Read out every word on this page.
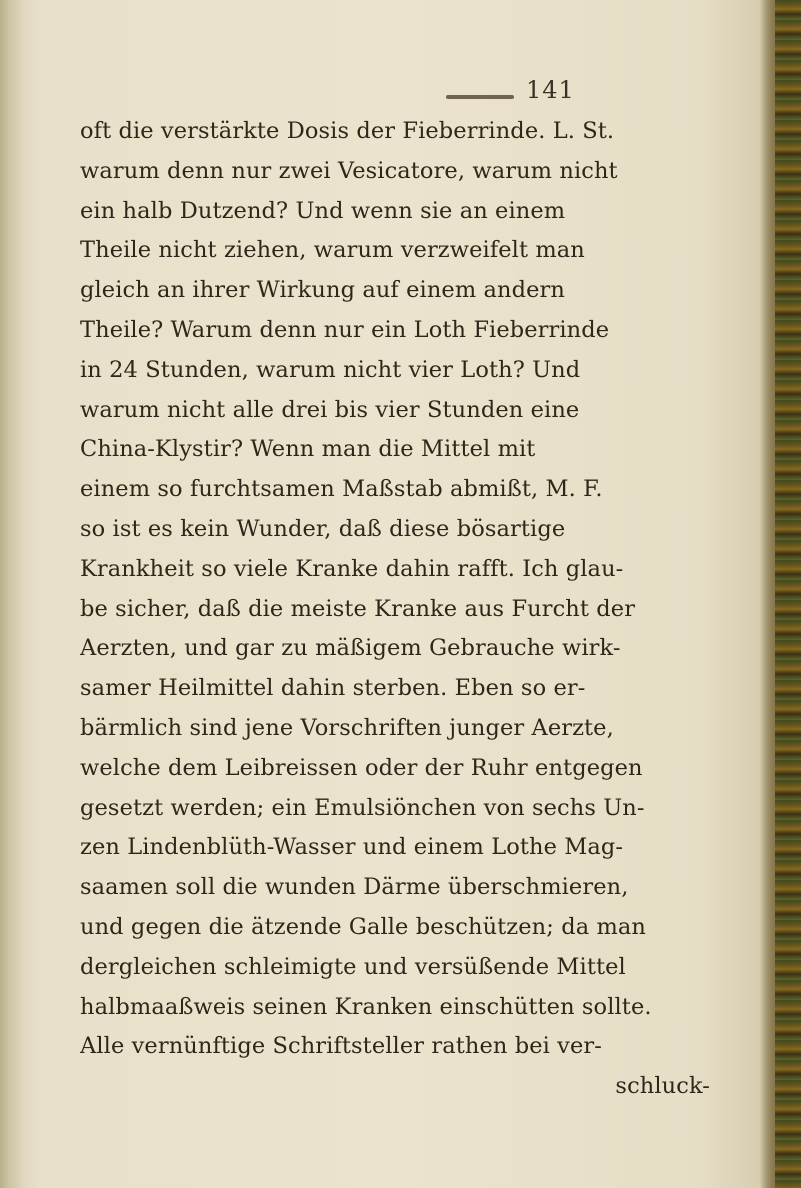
141
oft die verstärkte Dosis der Fieberrinde. L. St.
warum denn nur zwei Vesicatore, warum nicht
ein halb Dutzend? Und wenn sie an einem
Theile nicht ziehen, warum verzweifelt man
gleich an ihrer Wirkung auf einem andern
Theile? Warum denn nur ein Loth Fieberrinde
in 24 Stunden, warum nicht vier Loth? Und
warum nicht alle drei bis vier Stunden eine
China-Klystir? Wenn man die Mittel mit
einem so furchtsamen Maßstab abmißt, M. F.
so ist es kein Wunder, daß diese bösartige
Krankheit so viele Kranke dahin rafft. Ich glau-
be sicher, daß die meiste Kranke aus Furcht der
Aerzten, und gar zu mäßigem Gebrauche wirk-
samer Heilmittel dahin sterben. Eben so er-
bärmlich sind jene Vorschriften junger Aerzte,
welche dem Leibreissen oder der Ruhr entgegen
gesetzt werden; ein Emulsiönchen von sechs Un-
zen Lindenblüth-Wasser und einem Lothe Mag-
saamen soll die wunden Därme überschmieren,
und gegen die ätzende Galle beschützen; da man
dergleichen schleimigte und versüßende Mittel
halbmaaßweis seinen Kranken einschütten sollte.
Alle vernünftige Schriftsteller rathen bei ver-
schluck-
